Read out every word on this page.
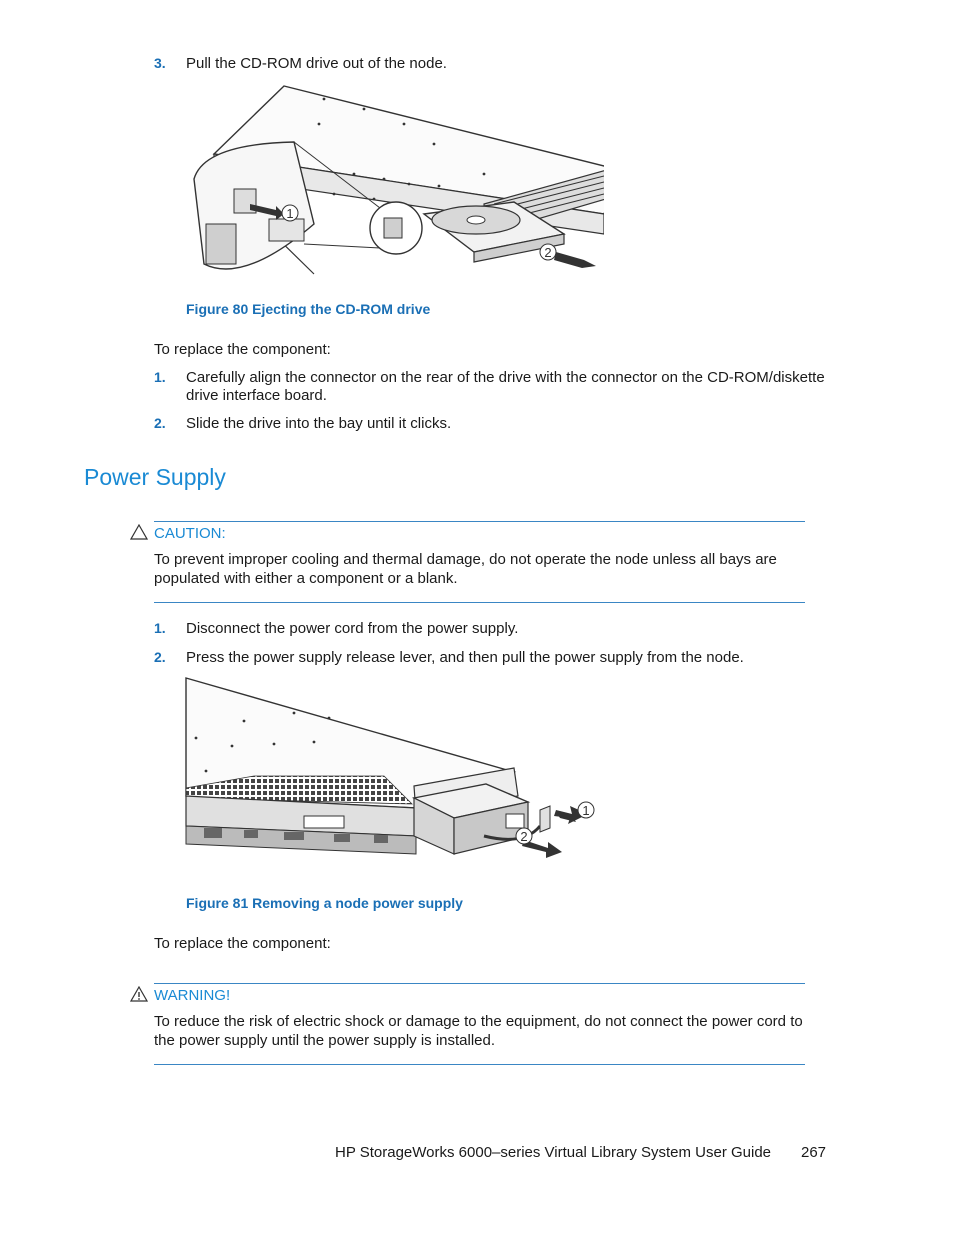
3. Pull the CD-ROM drive out of the node.
2
1
Figure 80 Ejecting the CD-ROM drive
To replace the component:
1. Carefully align the connector on the rear of the drive with the connector on the CD-ROM/diskette
drive interface board.
2. Slide the drive into the bay until it clicks.
Power Supply
CAUTION:
To prevent improper cooling and thermal damage, do not operate the node unless all bays are
populated with either a component or a blank.
1. Disconnect the power cord from the power supply.
2. Press the power supply release lever, and then pull the power supply from the node.
1
2
Figure 81 Removing a node power supply
To replace the component:
WARNING!
To reduce the risk of electric shock or damage to the equipment, do not connect the power cord to
the power supply until the power supply is installed.
HP StorageWorks 6000–series Virtual Library System User Guide 267
